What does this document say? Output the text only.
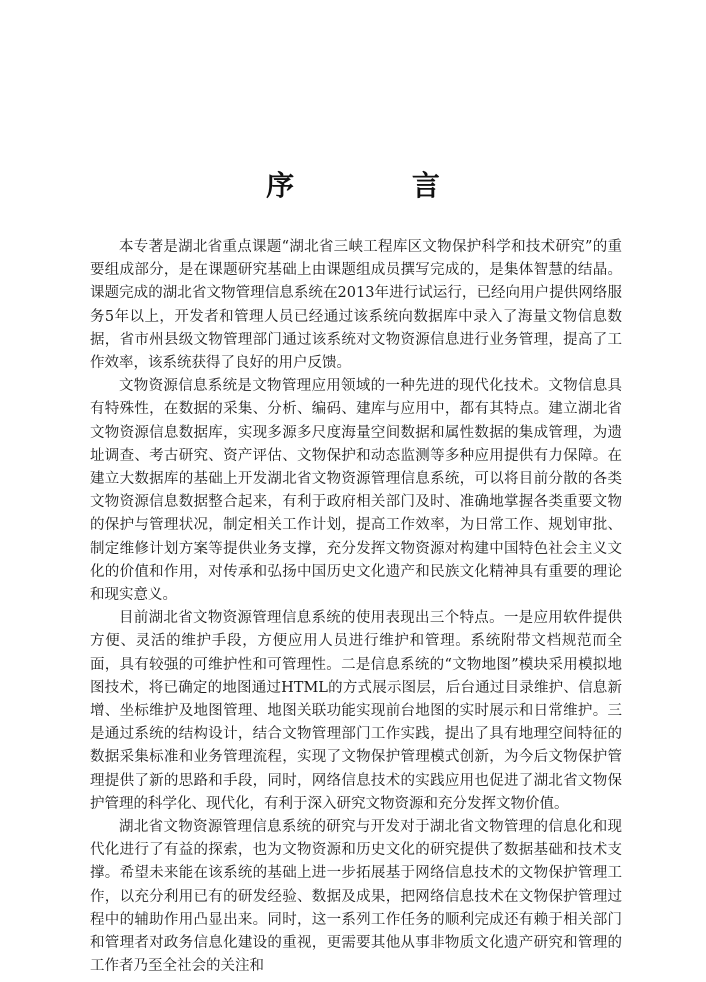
序 言

本专著是湖北省重点课题“湖北省三峡工程库区文物保护科学和技术研究”的重要组成部分，是在课题研究基础上由课题组成员撰写完成的，是集体智慧的结晶。课题完成的湖北省文物管理信息系统在2013年进行试运行，已经向用户提供网络服务5年以上，开发者和管理人员已经通过该系统向数据库中录入了海量文物信息数据，省市州县级文物管理部门通过该系统对文物资源信息进行业务管理，提高了工作效率，该系统获得了良好的用户反馈。

文物资源信息系统是文物管理应用领域的一种先进的现代化技术。文物信息具有特殊性，在数据的采集、分析、编码、建库与应用中，都有其特点。建立湖北省文物资源信息数据库，实现多源多尺度海量空间数据和属性数据的集成管理，为遗址调查、考古研究、资产评估、文物保护和动态监测等多种应用提供有力保障。在建立大数据库的基础上开发湖北省文物资源管理信息系统，可以将目前分散的各类文物资源信息数据整合起来，有利于政府相关部门及时、准确地掌握各类重要文物的保护与管理状况，制定相关工作计划，提高工作效率，为日常工作、规划审批、制定维修计划方案等提供业务支撑，充分发挥文物资源对构建中国特色社会主义文化的价值和作用，对传承和弘扬中国历史文化遗产和民族文化精神具有重要的理论和现实意义。

目前湖北省文物资源管理信息系统的使用表现出三个特点。一是应用软件提供方便、灵活的维护手段，方便应用人员进行维护和管理。系统附带文档规范而全面，具有较强的可维护性和可管理性。二是信息系统的“文物地图”模块采用模拟地图技术，将已确定的地图通过HTML的方式展示图层，后台通过目录维护、信息新增、坐标维护及地图管理、地图关联功能实现前台地图的实时展示和日常维护。三是通过系统的结构设计，结合文物管理部门工作实践，提出了具有地理空间特征的数据采集标准和业务管理流程，实现了文物保护管理模式创新，为今后文物保护管理提供了新的思路和手段，同时，网络信息技术的实践应用也促进了湖北省文物保护管理的科学化、现代化，有利于深入研究文物资源和充分发挥文物价值。

湖北省文物资源管理信息系统的研究与开发对于湖北省文物管理的信息化和现代化进行了有益的探索，也为文物资源和历史文化的研究提供了数据基础和技术支撑。希望未来能在该系统的基础上进一步拓展基于网络信息技术的文物保护管理工作，以充分利用已有的研发经验、数据及成果，把网络信息技术在文物保护管理过程中的辅助作用凸显出来。同时，这一系列工作任务的顺利完成还有赖于相关部门和管理者对政务信息化建设的重视，更需要其他从事非物质文化遗产研究和管理的工作者乃至全社会的关注和
